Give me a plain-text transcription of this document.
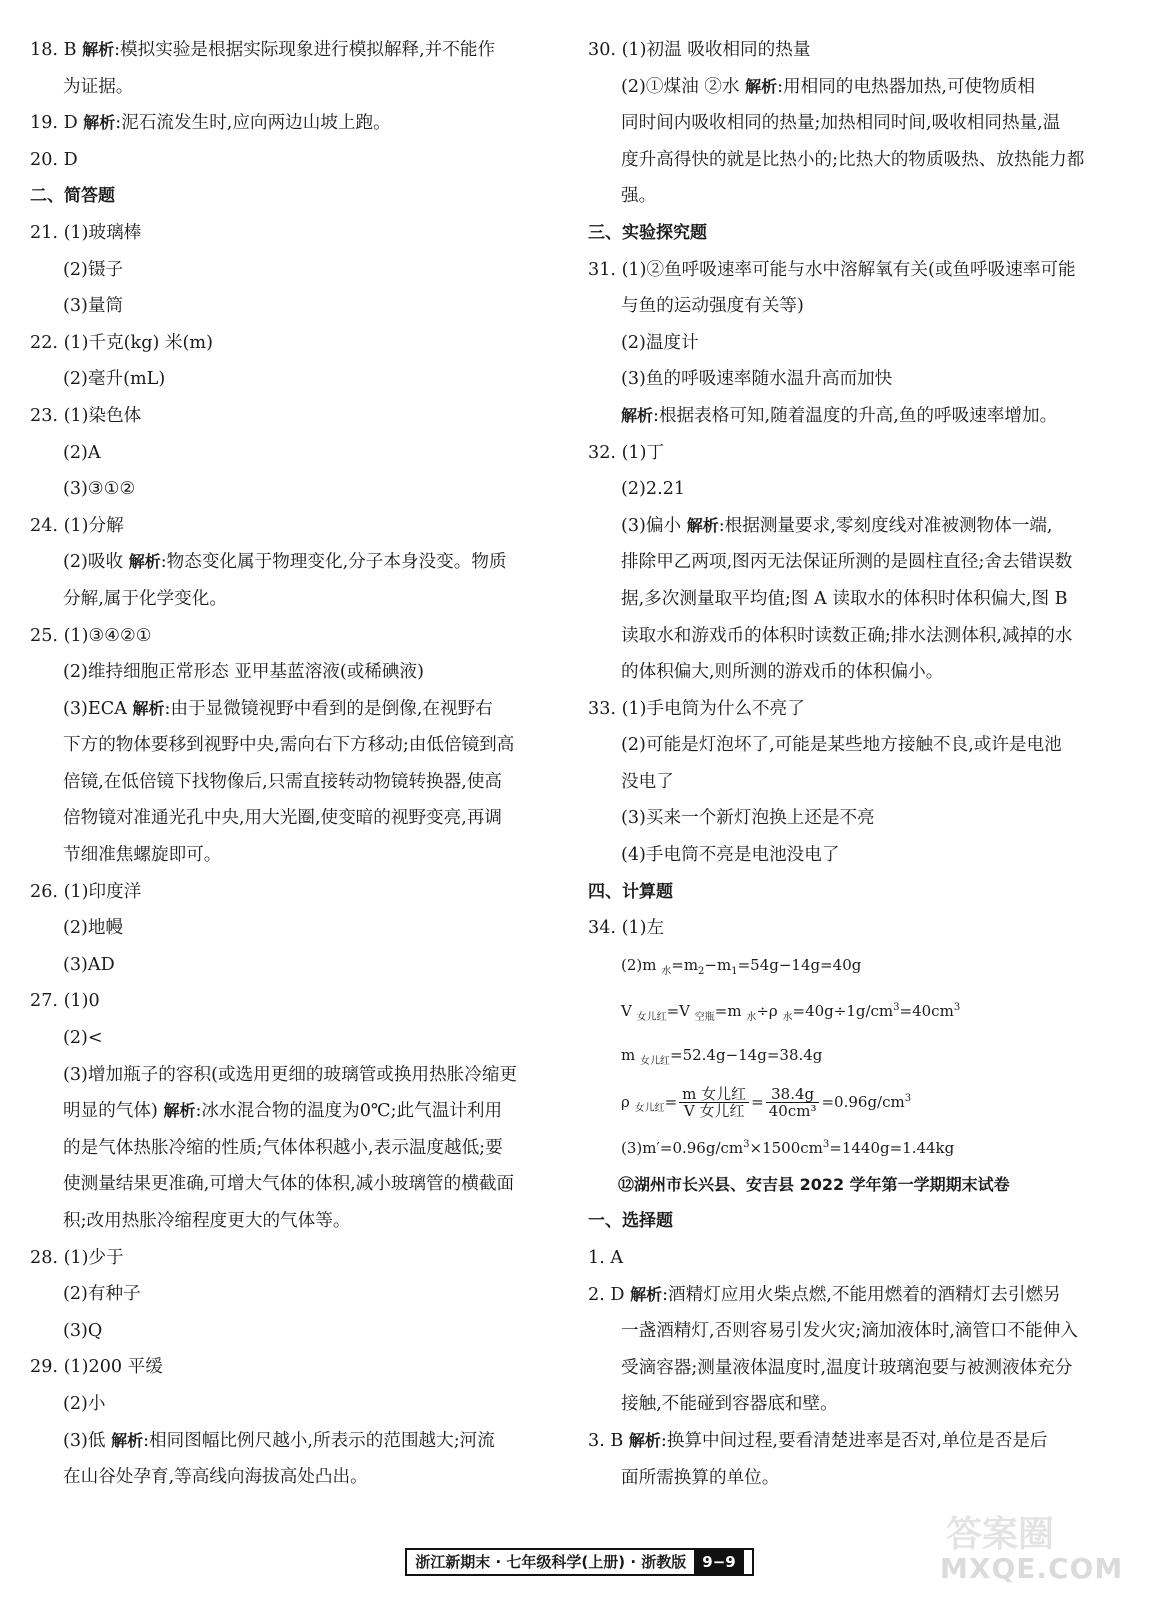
18. B 解析:模拟实验是根据实际现象进行模拟解释,并不能作
为证据。
19. D 解析:泥石流发生时,应向两边山坡上跑。
20. D
二、简答题
21. (1)玻璃棒
(2)镊子
(3)量筒
22. (1)千克(kg) 米(m)
(2)毫升(mL)
23. (1)染色体
(2)A
(3)③①②
24. (1)分解
(2)吸收 解析:物态变化属于物理变化,分子本身没变。物质
分解,属于化学变化。
25. (1)③④②①
(2)维持细胞正常形态 亚甲基蓝溶液(或稀碘液)
(3)ECA 解析:由于显微镜视野中看到的是倒像,在视野右
下方的物体要移到视野中央,需向右下方移动;由低倍镜到高
倍镜,在低倍镜下找物像后,只需直接转动物镜转换器,使高
倍物镜对准通光孔中央,用大光圈,使变暗的视野变亮,再调
节细准焦螺旋即可。
26. (1)印度洋
(2)地幔
(3)AD
27. (1)0
(2)<
(3)增加瓶子的容积(或选用更细的玻璃管或换用热胀冷缩更
明显的气体) 解析:冰水混合物的温度为0℃;此气温计利用
的是气体热胀冷缩的性质;气体体积越小,表示温度越低;要
使测量结果更准确,可增大气体的体积,减小玻璃管的横截面
积;改用热胀冷缩程度更大的气体等。
28. (1)少于
(2)有种子
(3)Q
29. (1)200 平缓
(2)小
(3)低 解析:相同图幅比例尺越小,所表示的范围越大;河流
在山谷处孕育,等高线向海拔高处凸出。
30. (1)初温 吸收相同的热量
(2)①煤油 ②水 解析:用相同的电热器加热,可使物质相
同时间内吸收相同的热量;加热相同时间,吸收相同热量,温
度升高得快的就是比热小的;比热大的物质吸热、放热能力都
强。
三、实验探究题
31. (1)②鱼呼吸速率可能与水中溶解氧有关(或鱼呼吸速率可能
与鱼的运动强度有关等)
(2)温度计
(3)鱼的呼吸速率随水温升高而加快
解析:根据表格可知,随着温度的升高,鱼的呼吸速率增加。
32. (1)丁
(2)2.21
(3)偏小 解析:根据测量要求,零刻度线对准被测物体一端,
排除甲乙两项,图丙无法保证所测的是圆柱直径;舍去错误数
据,多次测量取平均值;图 A 读取水的体积时体积偏大,图 B
读取水和游戏币的体积时读数正确;排水法测体积,减掉的水
的体积偏大,则所测的游戏币的体积偏小。
33. (1)手电筒为什么不亮了
(2)可能是灯泡坏了,可能是某些地方接触不良,或许是电池
没电了
(3)买来一个新灯泡换上还是不亮
(4)手电筒不亮是电池没电了
四、计算题
34. (1)左
(2)m $_水=m_2-m_1=54g-14g=40g$
V $_{女儿红}$=V $_{空瓶}$=m $_水$÷ρ $_水=40g\div 1g/cm^3=40cm^3$
m $_{女儿红}$=52.4g−14g=38.4g
ρ $_{女儿红}= \frac{\text{m 女儿红}}{\text{V 女儿红}} = \frac{38.4g}{\text{40cm³}} =0.96g/cm^3$
$(3)m'=0.96g/cm^3\times 1500cm^3=1440g=1.44kg$
⑫湖州市长兴县、安吉县 2022 学年第一学期期末试卷
一、选择题
1. A
2. D 解析:酒精灯应用火柴点燃,不能用燃着的酒精灯去引燃另
一盏酒精灯,否则容易引发火灾;滴加液体时,滴管口不能伸入
受滴容器;测量液体温度时,温度计玻璃泡要与被测液体充分
接触,不能碰到容器底和壁。
3. B 解析:换算中间过程,要看清楚进率是否对,单位是否是后
面所需换算的单位。
浙江新期末 · 七年级科学(上册) · 浙教版 9−9
答案圈
MXQE.COM
